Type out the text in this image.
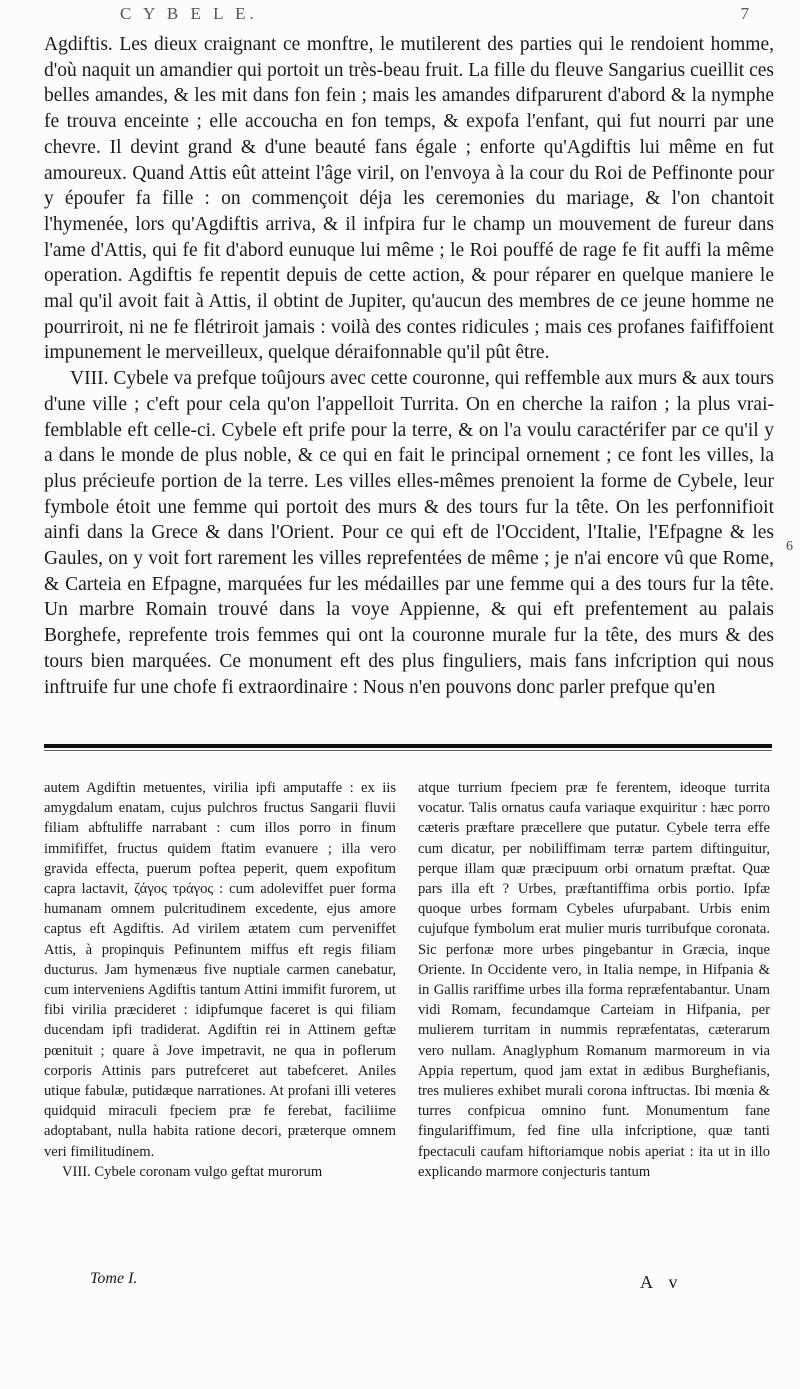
C Y B E L E.	7

Agdiftis. Les dieux craignant ce monftre, le mutilerent des parties qui le rendoient homme, d'où naquit un amandier qui portoit un très-beau fruit. La fille du fleuve Sangarius cueillit ces belles amandes, & les mit dans fon fein ; mais les amandes difparurent d'abord & la nymphe fe trouva enceinte ; elle accoucha en fon temps, & expofa l'enfant, qui fut nourri par une chevre. Il devint grand & d'une beauté fans égale ; enforte qu'Agdiftis lui même en fut amoureux. Quand Attis eût atteint l'âge viril, on l'envoya à la cour du Roi de Peffinonte pour y époufer fa fille : on commençoit déja les ceremonies du mariage, & l'on chantoit l'hymenée, lors qu'Agdiftis arriva, & il infpira fur le champ un mouvement de fureur dans l'ame d'Attis, qui fe fit d'abord eunuque lui même ; le Roi pouffé de rage fe fit auffi la même operation. Agdiftis fe repentit depuis de cette action, & pour réparer en quelque maniere le mal qu'il avoit fait à Attis, il obtint de Jupiter, qu'aucun des membres de ce jeune homme ne pourriroit, ni ne fe flétriroit jamais : voilà des contes ridicules ; mais ces profanes faififfoient impunement le merveilleux, quelque déraifonnable qu'il pût être.

VIII. Cybele va prefque toûjours avec cette couronne, qui reffemble aux murs & aux tours d'une ville ; c'eft pour cela qu'on l'appelloit Turrita. On en cherche la raifon ; la plus vrai-femblable eft celle-ci. Cybele eft prife pour la terre, & on l'a voulu caractérifer par ce qu'il y a dans le monde de plus noble, & ce qui en fait le principal ornement ; ce font les villes, la plus précieufe portion de la terre. Les villes elles-mêmes prenoient la forme de Cybele, leur fymbole étoit une femme qui portoit des murs & des tours fur la tête. On les perfonnifioit ainfi dans la Grece & dans l'Orient. Pour ce qui eft de l'Occident, l'Italie, l'Efpagne & les Gaules, on y voit fort rarement les villes reprefentées de même ; je n'ai encore vû que Rome, & Carteia en Efpagne, marquées fur les médailles par une femme qui a des tours fur la tête. Un marbre Romain trouvé dans la voye Appienne, & qui eft prefentement au palais Borghefe, reprefente trois femmes qui ont la couronne murale fur la tête, des murs & des tours bien marquées. Ce monument eft des plus finguliers, mais fans infcription qui nous inftruife fur une chofe fi extraordinaire : Nous n'en pouvons donc parler prefque qu'en

6

autem Agdiftin metuentes, virilia ipfi amputaffe : ex iis amygdalum enatam, cujus pulchros fructus Sangarii fluvii filiam abftuliffe narrabant : cum illos porro in finum immififfet, fructus quidem ftatim evanuere ; illa vero gravida effecta, puerum poftea peperit, quem expofitum capra lactavit, ζάγος τράγος : cum adoleviffet puer forma humanam omnem pulcritudinem excedente, ejus amore captus eft Agdiftis. Ad virilem ætatem cum perveniffet Attis, à propinquis Pefinuntem miffus eft regis filiam ducturus. Jam hymenæus five nuptiale carmen canebatur, cum interveniens Agdiftis tantum Attini immifit furorem, ut fibi virilia præcideret : idipfumque faceret is qui filiam ducendam ipfi tradiderat. Agdiftin rei in Attinem geftæ pœnituit ; quare à Jove impetravit, ne qua in poflerum corporis Attinis pars putrefceret aut tabefceret. Aniles utique fabulæ, putidæque narrationes. At profani illi veteres quidquid miraculi fpeciem præ fe ferebat, faciliime adoptabant, nulla habita ratione decori, præterque omnem veri fimilitudinem.

VIII. Cybele coronam vulgo geftat murorum

atque turrium fpeciem præ fe ferentem, ideoque turrita vocatur. Talis ornatus caufa variaque exquiritur : hæc porro cæteris præftare præcellere que putatur. Cybele terra effe cum dicatur, per nobiliffimam terræ partem diftinguitur, perque illam quæ præcipuum orbi ornatum præftat. Quæ pars illa eft ? Urbes, præftantiffima orbis portio. Ipfæ quoque urbes formam Cybeles ufurpabant. Urbis enim cujufque fymbolum erat mulier muris turribufque coronata. Sic perfonæ more urbes pingebantur in Græcia, inque Oriente. In Occidente vero, in Italia nempe, in Hifpania & in Gallis rariffime urbes illa forma repræfentabantur. Unam vidi Romam, fecundamque Carteiam in Hifpania, per mulierem turritam in nummis repræfentatas, cæterarum vero nullam. Anaglyphum Romanum marmoreum in via Appia repertum, quod jam extat in ædibus Burghefianis, tres mulieres exhibet murali corona inftructas. Ibi mœnia & turres confpicua omnino funt. Monumentum fane fingulariffimum, fed fine ulla infcriptione, quæ tanti fpectaculi caufam hiftoriamque nobis aperiat : ita ut in illo explicando marmore conjecturis tantum

Tome I.	A v
